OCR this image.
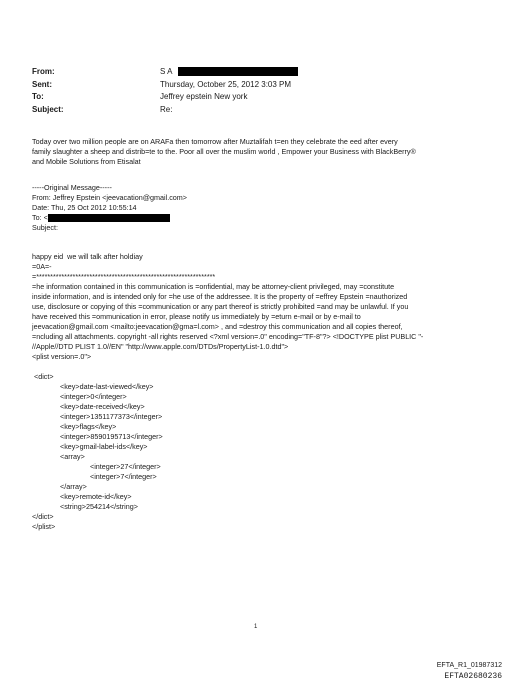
From:	S A
Sent:	Thursday, October 25, 2012 3:03 PM
To:	Jeffrey epstein New york
Subject:	Re:
Today over two million people are on ARAFa then tomorrow after Muztalifah t=en they celebrate the eed after every
family slaughter a sheep and distrib=te to the. Poor all over the muslim world , Empower your Business with BlackBerry®
and Mobile Solutions from Etisalat
-----Original Message-----
From: Jeffrey Epstein <jeevacation@gmail.com>
Date: Thu, 25 Oct 2012 10:55:14
To: <
Subject:
happy eid  we will talk after holdiay
=0A=-
=****************************************************************
=he information contained in this communication is =onfidential, may be attorney-client privileged, may =constitute
inside information, and is intended only for =he use of the addressee. It is the property of =effrey Epstein =nauthorized
use, disclosure or copying of this =communication or any part thereof is strictly prohibited =and may be unlawful. If you
have received this =ommunication in error, please notify us immediately by =eturn e-mail or by e-mail to
jeevacation@gmail.com <mailto:jeevacation@gma=l.com> , and =destroy this communication and all copies thereof,
=ncluding all attachments. copyright -all rights reserved <?xml version=.0" encoding="TF-8"?> <!DOCTYPE plist PUBLIC "-
//Apple//DTD PLIST 1.0//EN" "http://www.apple.com/DTDs/PropertyList-1.0.dtd">
<plist version=.0">
<dict>
<key>date-last-viewed</key>
<integer>0</integer>
<key>date-received</key>
<integer>1351177373</integer>
<key>flags</key>
<integer>8590195713</integer>
<key>gmail-label-ids</key>
<array>
<integer>27</integer>
<integer>7</integer>
</array>
<key>remote-id</key>
<string>254214</string>
</dict>
</plist>
1
EFTA_R1_01987312
EFTA02680236
